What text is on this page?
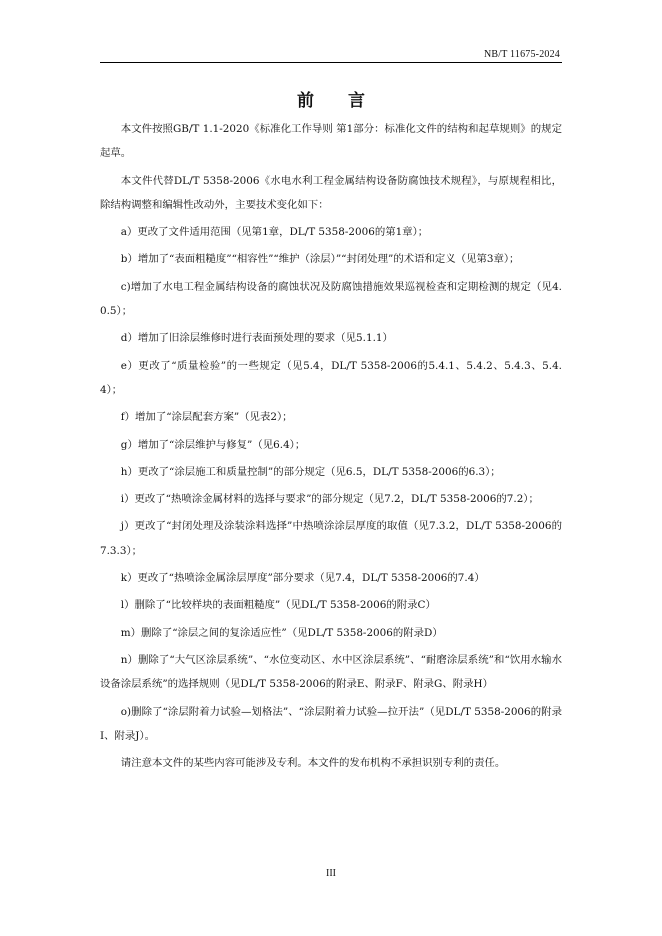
NB/T 11675-2024
前 言

本文件按照GB/T 1.1-2020《标准化工作导则 第1部分：标准化文件的结构和起草规则》的规定起草。

本文件代替DL/T 5358-2006《水电水利工程金属结构设备防腐蚀技术规程》，与原规程相比，除结构调整和编辑性改动外，主要技术变化如下：

a）更改了文件适用范围（见第1章，DL/T 5358-2006的第1章）；

b）增加了“表面粗糙度”“相容性”“维护（涂层）”“封闭处理”的术语和定义（见第3章）；

c)增加了水电工程金属结构设备的腐蚀状况及防腐蚀措施效果巡视检查和定期检测的规定（见4.0.5）；

d）增加了旧涂层维修时进行表面预处理的要求（见5.1.1）

e）更改了“质量检验”的一些规定（见5.4，DL/T 5358-2006的5.4.1、5.4.2、5.4.3、5.4.4）；

f）增加了“涂层配套方案”（见表2）；

g）增加了“涂层维护与修复”（见6.4）；

h）更改了“涂层施工和质量控制”的部分规定（见6.5，DL/T 5358-2006的6.3）；

i）更改了“热喷涂金属材料的选择与要求”的部分规定（见7.2，DL/T 5358-2006的7.2）；

j）更改了“封闭处理及涂装涂料选择”中热喷涂涂层厚度的取值（见7.3.2，DL/T 5358-2006的7.3.3）；

k）更改了“热喷涂金属涂层厚度”部分要求（见7.4，DL/T 5358-2006的7.4）

l）删除了“比较样块的表面粗糙度”（见DL/T 5358-2006的附录C）

m）删除了“涂层之间的复涂适应性”（见DL/T 5358-2006的附录D）

n）删除了“大气区涂层系统”、“水位变动区、水中区涂层系统”、“耐磨涂层系统”和“饮用水输水设备涂层系统”的选择规则（见DL/T 5358-2006的附录E、附录F、附录G、附录H）

o)删除了“涂层附着力试验—划格法”、“涂层附着力试验—拉开法”（见DL/T 5358-2006的附录I、附录J）。

请注意本文件的某些内容可能涉及专利。本文件的发布机构不承担识别专利的责任。

III
